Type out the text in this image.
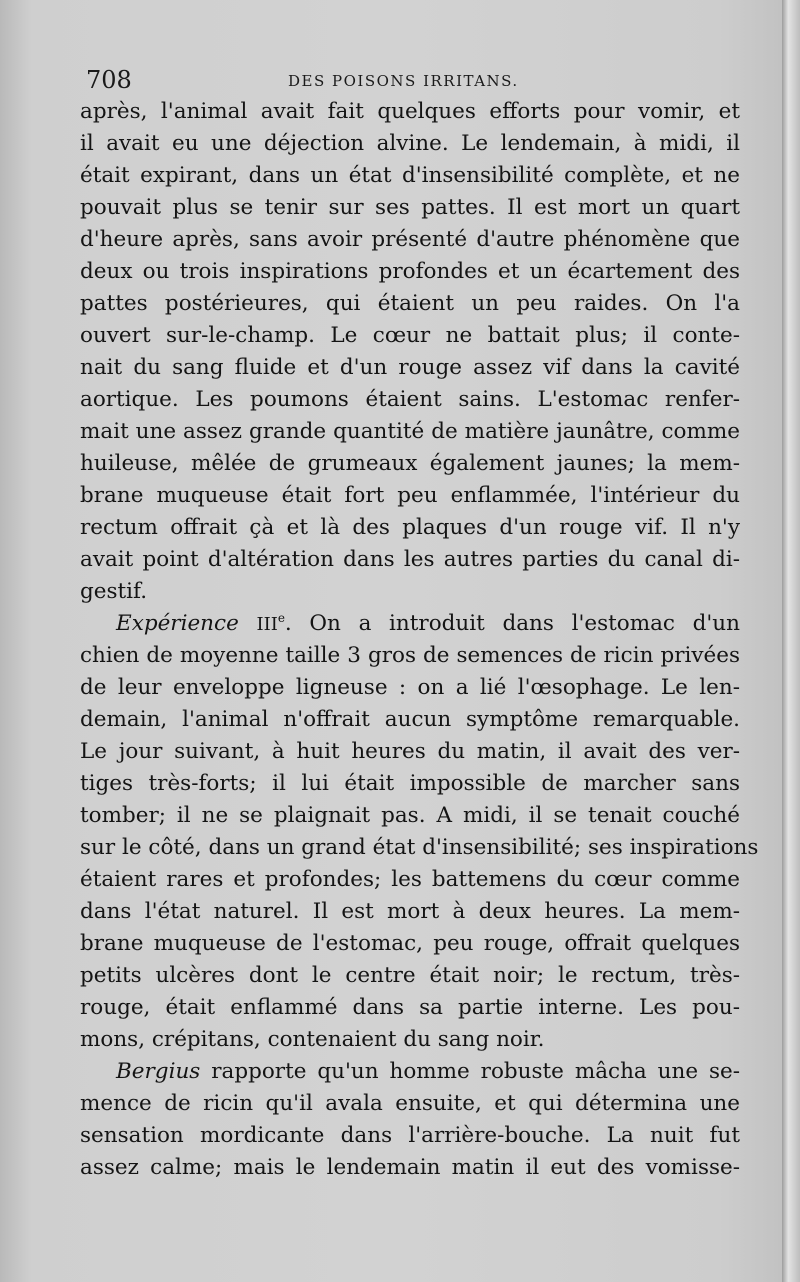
708	DES POISONS IRRITANS.
après, l'animal avait fait quelques efforts pour vomir, et
il avait eu une déjection alvine. Le lendemain, à midi, il
était expirant, dans un état d'insensibilité complète, et ne
pouvait plus se tenir sur ses pattes. Il est mort un quart
d'heure après, sans avoir présenté d'autre phénomène que
deux ou trois inspirations profondes et un écartement des
pattes postérieures, qui étaient un peu raides. On l'a
ouvert sur-le-champ. Le cœur ne battait plus; il conte-
nait du sang fluide et d'un rouge assez vif dans la cavité
aortique. Les poumons étaient sains. L'estomac renfer-
mait une assez grande quantité de matière jaunâtre, comme
huileuse, mêlée de grumeaux également jaunes; la mem-
brane muqueuse était fort peu enflammée, l'intérieur du
rectum offrait çà et là des plaques d'un rouge vif. Il n'y
avait point d'altération dans les autres parties du canal di-
gestif.
Expérience IIIe. On a introduit dans l'estomac d'un
chien de moyenne taille 3 gros de semences de ricin privées
de leur enveloppe ligneuse : on a lié l'œsophage. Le len-
demain, l'animal n'offrait aucun symptôme remarquable.
Le jour suivant, à huit heures du matin, il avait des ver-
tiges très-forts; il lui était impossible de marcher sans
tomber; il ne se plaignait pas. A midi, il se tenait couché
sur le côté, dans un grand état d'insensibilité; ses inspirations
étaient rares et profondes; les battemens du cœur comme
dans l'état naturel. Il est mort à deux heures. La mem-
brane muqueuse de l'estomac, peu rouge, offrait quelques
petits ulcères dont le centre était noir; le rectum, très-
rouge, était enflammé dans sa partie interne. Les pou-
mons, crépitans, contenaient du sang noir.
Bergius rapporte qu'un homme robuste mâcha une se-
mence de ricin qu'il avala ensuite, et qui détermina une
sensation mordicante dans l'arrière-bouche. La nuit fut
assez calme; mais le lendemain matin il eut des vomisse-
